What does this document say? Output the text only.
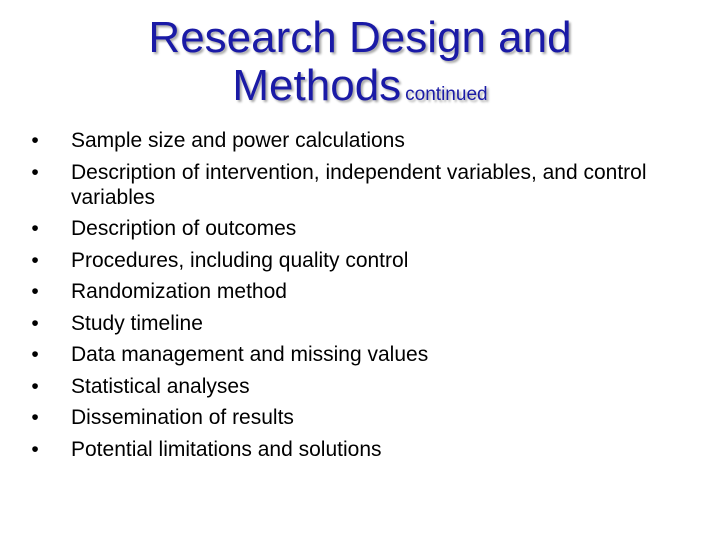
Research Design and
Methods continued
• Sample size and power calculations
• Description of intervention, independent variables, and control variables
• Description of outcomes
• Procedures, including quality control
• Randomization method
• Study timeline
• Data management and missing values
• Statistical analyses
• Dissemination of results
• Potential limitations and solutions
